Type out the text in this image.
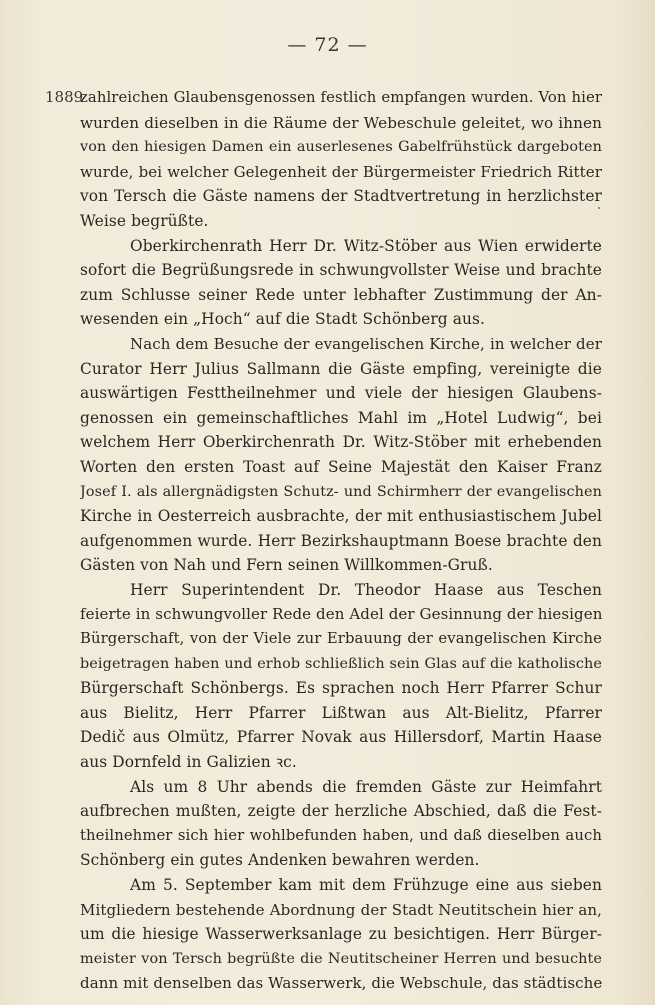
— 72 —
1889
zahlreichen Glaubensgenossen festlich empfangen wurden. Von hier
wurden dieselben in die Räume der Webeschule geleitet, wo ihnen
von den hiesigen Damen ein auserlesenes Gabelfrühstück dargeboten
wurde, bei welcher Gelegenheit der Bürgermeister Friedrich Ritter
von Tersch die Gäste namens der Stadtvertretung in herzlichster
Weise begrüßte.
Oberkirchenrath Herr Dr. Witz-Stöber aus Wien erwiderte
sofort die Begrüßungsrede in schwungvollster Weise und brachte
zum Schlusse seiner Rede unter lebhafter Zustimmung der An-
wesenden ein „Hoch“ auf die Stadt Schönberg aus.
Nach dem Besuche der evangelischen Kirche, in welcher der
Curator Herr Julius Sallmann die Gäste empfing, vereinigte die
auswärtigen Festtheilnehmer und viele der hiesigen Glaubens-
genossen ein gemeinschaftliches Mahl im „Hotel Ludwig“, bei
welchem Herr Oberkirchenrath Dr. Witz-Stöber mit erhebenden
Worten den ersten Toast auf Seine Majestät den Kaiser Franz
Josef I. als allergnädigsten Schutz- und Schirmherr der evangelischen
Kirche in Oesterreich ausbrachte, der mit enthusiastischem Jubel
aufgenommen wurde. Herr Bezirkshauptmann Boese brachte den
Gästen von Nah und Fern seinen Willkommen-Gruß.
Herr Superintendent Dr. Theodor Haase aus Teschen
feierte in schwungvoller Rede den Adel der Gesinnung der hiesigen
Bürgerschaft, von der Viele zur Erbauung der evangelischen Kirche
beigetragen haben und erhob schließlich sein Glas auf die katholische
Bürgerschaft Schönbergs. Es sprachen noch Herr Pfarrer Schur
aus Bielitz, Herr Pfarrer Lißtwan aus Alt-Bielitz, Pfarrer
Dedič aus Olmütz, Pfarrer Novak aus Hillersdorf, Martin Haase
aus Dornfeld in Galizien ꝛc.
Als um 8 Uhr abends die fremden Gäste zur Heimfahrt
aufbrechen mußten, zeigte der herzliche Abschied, daß die Fest-
theilnehmer sich hier wohlbefunden haben, und daß dieselben auch
Schönberg ein gutes Andenken bewahren werden.
Am 5. September kam mit dem Frühzuge eine aus sieben
Mitgliedern bestehende Abordnung der Stadt Neutitschein hier an,
um die hiesige Wasserwerksanlage zu besichtigen. Herr Bürger-
meister von Tersch begrüßte die Neutitscheiner Herren und besuchte
dann mit denselben das Wasserwerk, die Webschule, das städtische
